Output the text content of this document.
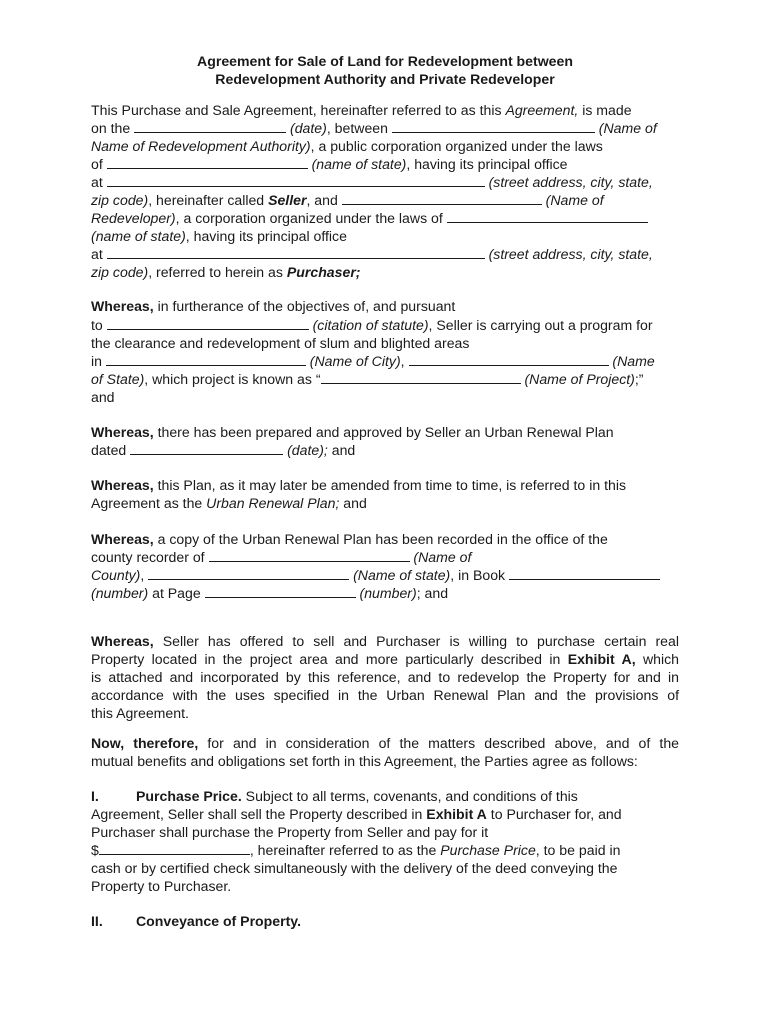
Agreement for Sale of Land for Redevelopment between
Redevelopment Authority and Private Redeveloper
This Purchase and Sale Agreement, hereinafter referred to as this Agreement, is made
on the	(date), between	(Name of
Name of Redevelopment Authority), a public corporation organized under the laws
of	(name of state), having its principal office
at	(street address, city, state,
zip code), hereinafter called Seller, and	(Name of
Redeveloper), a corporation organized under the laws of
(name of state), having its principal office
at	(street address, city, state,
zip code), referred to herein as Purchaser;
Whereas, in furtherance of the objectives of, and pursuant
to	(citation of statute), Seller is carrying out a program for
the clearance and redevelopment of slum and blighted areas
in	(Name of City),	(Name
of State), which project is known as “	(Name of Project);”
and
Whereas, there has been prepared and approved by Seller an Urban Renewal Plan
dated	(date); and
Whereas, this Plan, as it may later be amended from time to time, is referred to in this
Agreement as the Urban Renewal Plan; and
Whereas, a copy of the Urban Renewal Plan has been recorded in the office of the
county recorder of	(Name of
County),	(Name of state), in Book
(number) at Page	(number); and
Whereas, Seller has offered to sell and Purchaser is willing to purchase certain real
Property located in the project area and more particularly described in Exhibit A, which
is attached and incorporated by this reference, and to redevelop the Property for and in
accordance with the uses specified in the Urban Renewal Plan and the provisions of
this Agreement.
Now, therefore, for and in consideration of the matters described above, and of the
mutual benefits and obligations set forth in this Agreement, the Parties agree as follows:
I.	Purchase Price. Subject to all terms, covenants, and conditions of this
Agreement, Seller shall sell the Property described in Exhibit A to Purchaser for, and
Purchaser shall purchase the Property from Seller and pay for it
$	, hereinafter referred to as the Purchase Price, to be paid in
cash or by certified check simultaneously with the delivery of the deed conveying the
Property to Purchaser.
II. Conveyance of Property.
